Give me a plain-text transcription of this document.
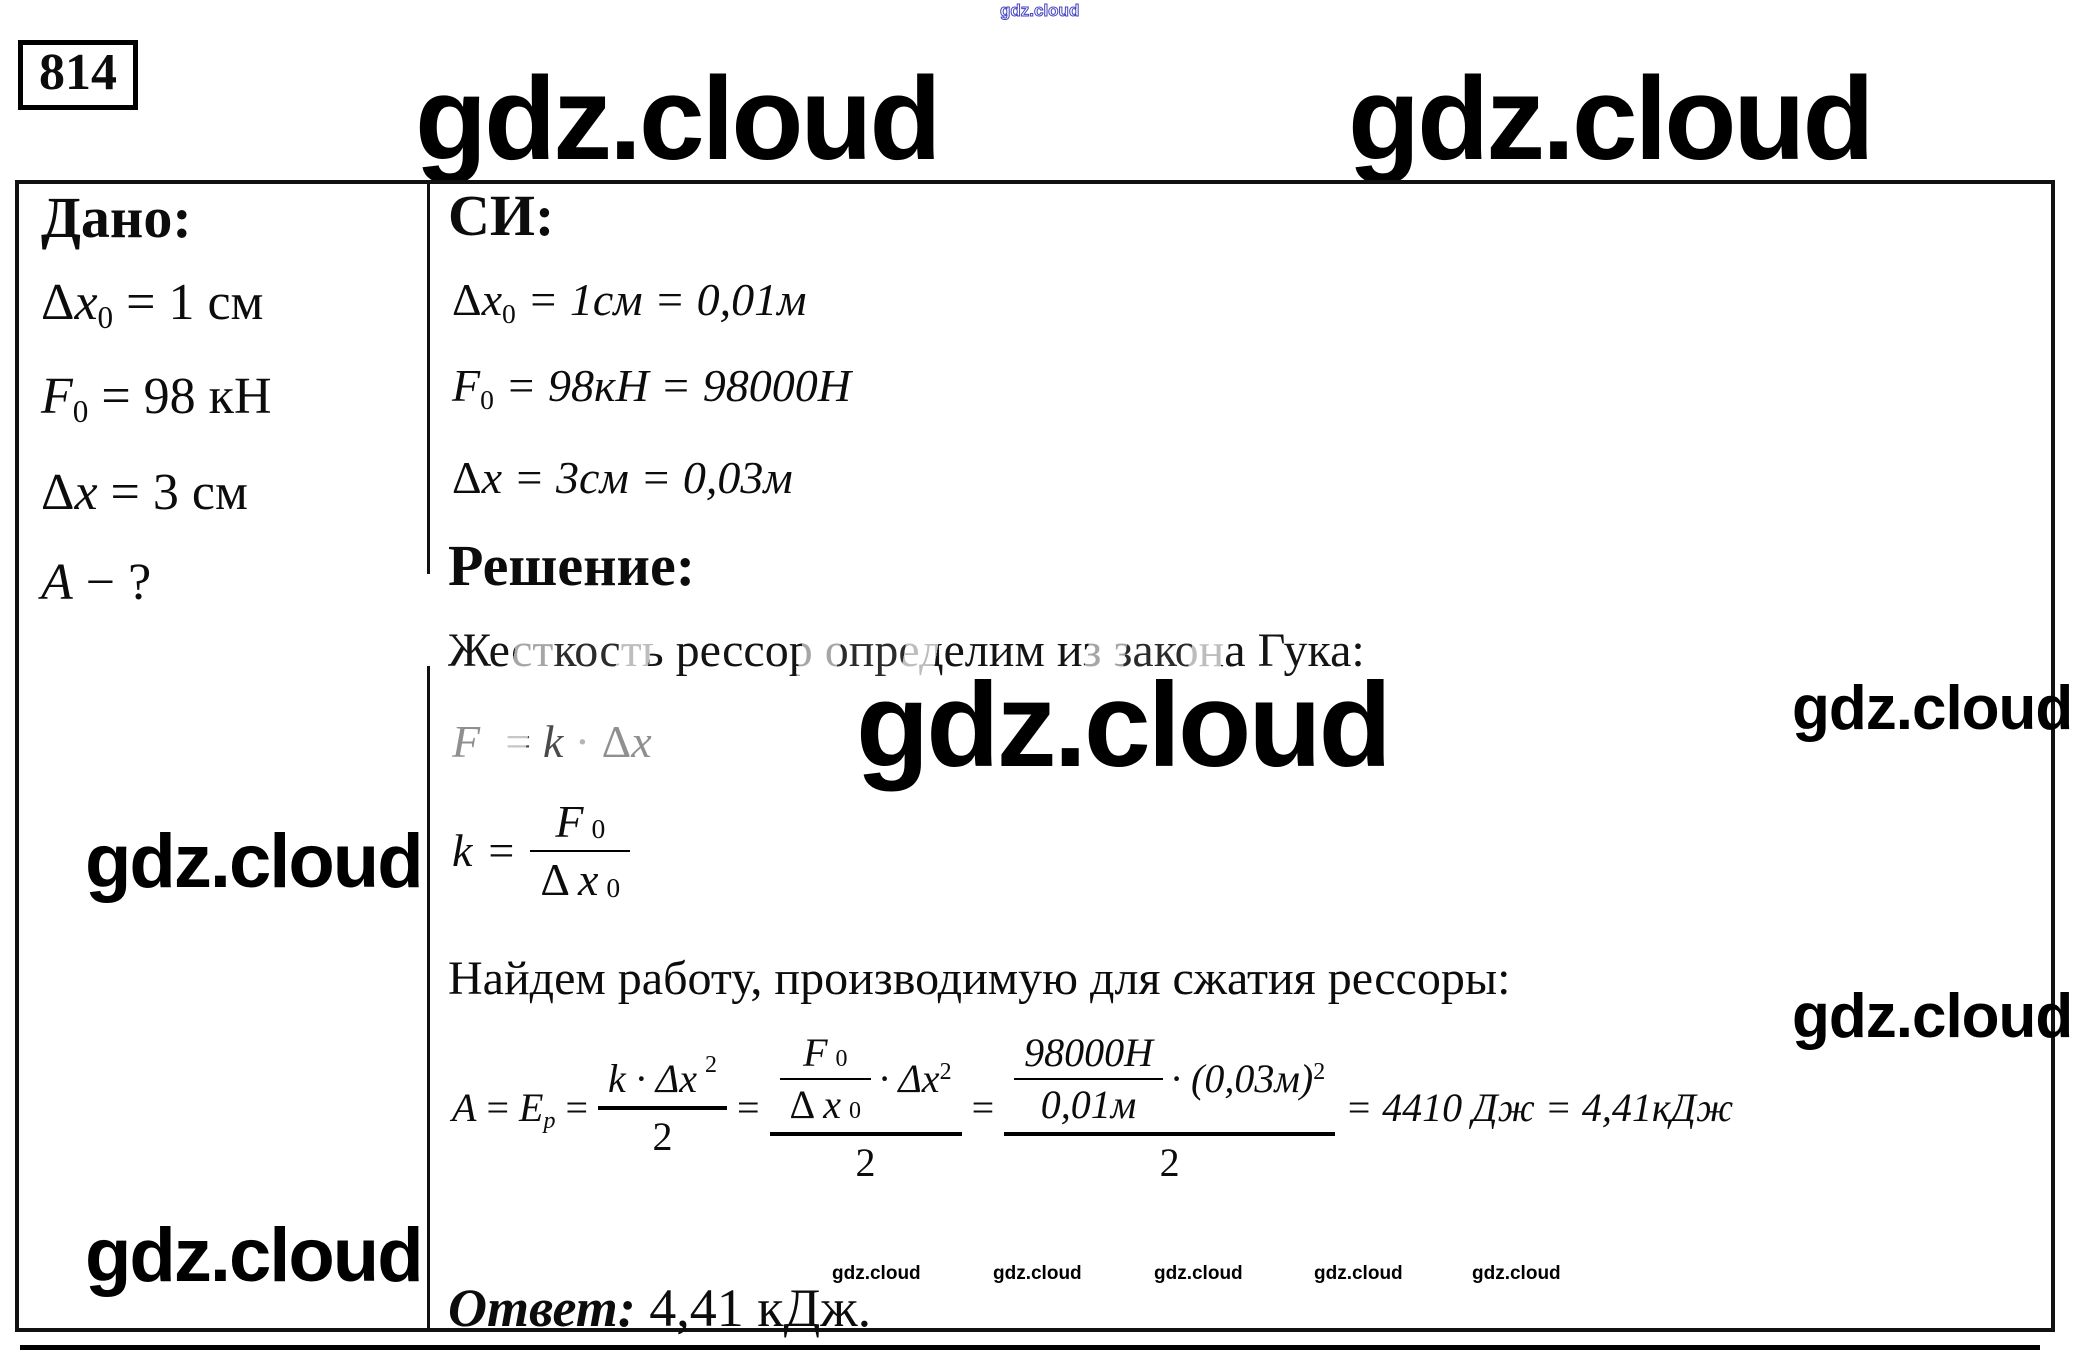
gdz.cloud
814	gdz.cloud	gdz.cloud
Дано:
Δx0 = 1 см
F0 = 98 кН
Δx = 3 см
A − ?
gdz.cloud
gdz.cloud
СИ:
Δx0 = 1см = 0,01м
F0 = 98кН = 98000Н
Δx = 3см = 0,03м
Решение:
Жесткость рессор определим из закона Гука:
F0 = k · Δx0
$k = \frac{F 0}{\text{Δ x 0}}$
Найдем работу, производимую для сжатия рессоры:
$A = Ep = \frac{k \cdot \Delta x 2}{2} = \frac{F 0}{\text{Δ x 0}} \cdot \Delta x^2$
2
= $\frac{98000Н}{0,01м} \cdot (0,03м)^2$
2
= 4410 Дж = 4,41кДж
gdz.cloud	gdz.cloud	gdz.cloud	gdz.cloud	gdz.cloud
Ответ: 4,41 кДж.
gdz.cloud	gdz.cloud
gdz.cloud
